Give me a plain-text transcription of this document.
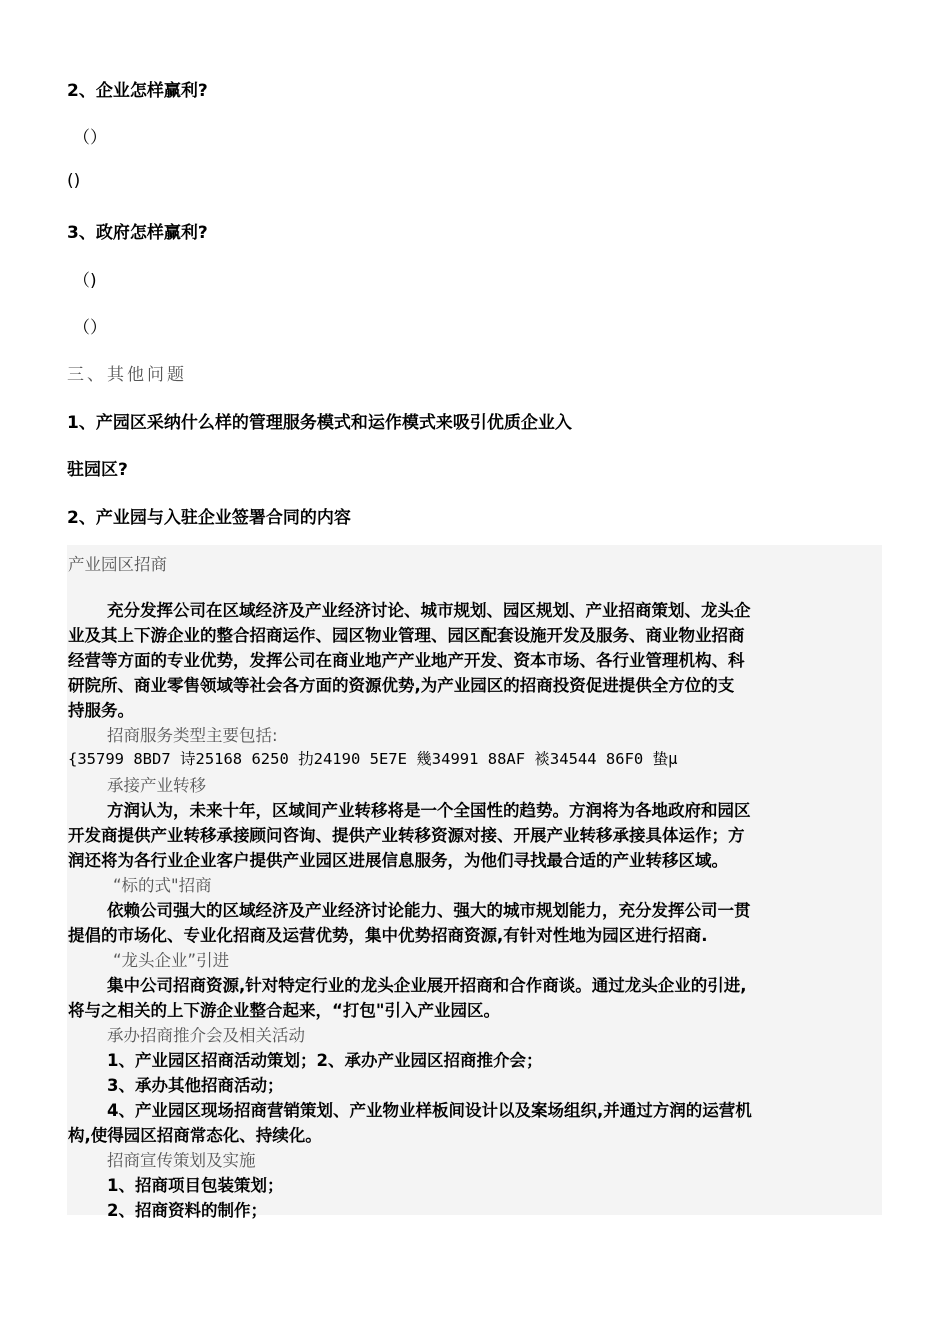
2、企业怎样赢利?
（）
()
3、政府怎样赢利?
（)
（）
三、其他问题
1、产园区采纳什么样的管理服务模式和运作模式来吸引优质企业入
驻园区?
2、产业园与入驻企业签署合同的内容
产业园区招商
充分发挥公司在区域经济及产业经济讨论、城市规划、园区规划、产业招商策划、龙头企
业及其上下游企业的整合招商运作、园区物业管理、园区配套设施开发及服务、商业物业招商
经营等方面的专业优势，发挥公司在商业地产产业地产开发、资本市场、各行业管理机构、科
研院所、商业零售领域等社会各方面的资源优势,为产业园区的招商投资促进提供全方位的支
持服务。
招商服务类型主要包括:
{35799 8BD7 诗25168 6250 扐24190 5E7E 幾34991 88AF 裧34544 86F0 蛰μ
承接产业转移
方润认为，未来十年，区域间产业转移将是一个全国性的趋势。方润将为各地政府和园区
开发商提供产业转移承接顾问咨询、提供产业转移资源对接、开展产业转移承接具体运作；方
润还将为各行业企业客户提供产业园区进展信息服务，为他们寻找最合适的产业转移区域。
“标的式"招商
依赖公司强大的区域经济及产业经济讨论能力、强大的城市规划能力，充分发挥公司一贯
提倡的市场化、专业化招商及运营优势，集中优势招商资源,有针对性地为园区进行招商.
“龙头企业”引进
集中公司招商资源,针对特定行业的龙头企业展开招商和合作商谈。通过龙头企业的引进,
将与之相关的上下游企业整合起来，“打包"引入产业园区。
承办招商推介会及相关活动
1、产业园区招商活动策划；2、承办产业园区招商推介会；
3、承办其他招商活动；
4、产业园区现场招商营销策划、产业物业样板间设计以及案场组织,并通过方润的运营机
构,使得园区招商常态化、持续化。
招商宣传策划及实施
1、招商项目包装策划；
2、招商资料的制作；
